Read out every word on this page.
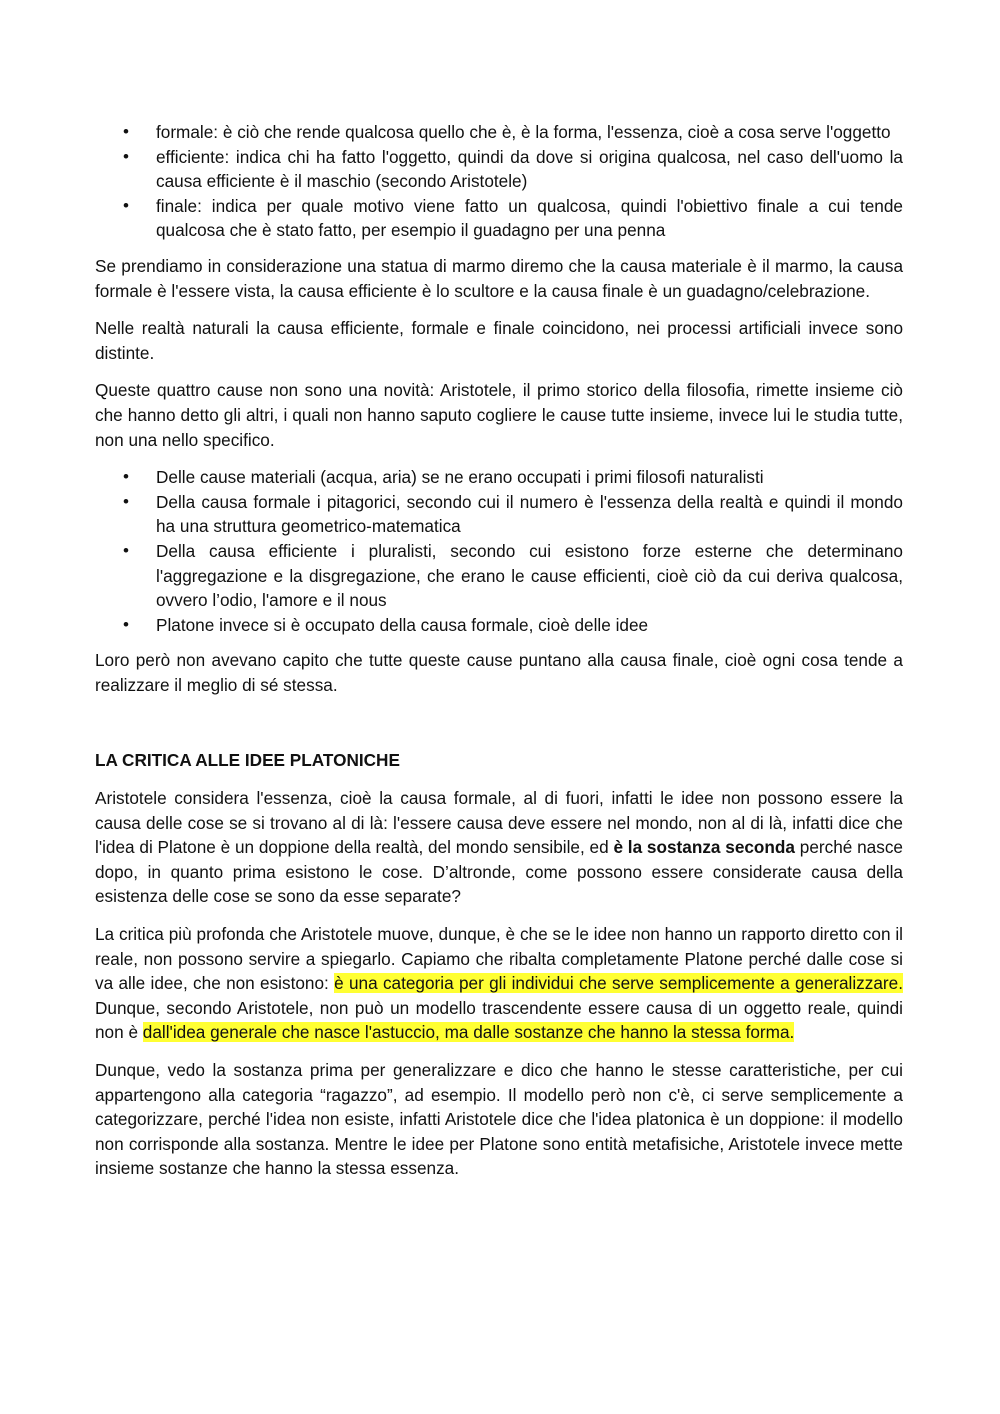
• formale: è ciò che rende qualcosa quello che è, è la forma, l'essenza, cioè a cosa serve l'oggetto
• efficiente: indica chi ha fatto l'oggetto, quindi da dove si origina qualcosa, nel caso dell'uomo la causa efficiente è il maschio (secondo Aristotele)
• finale: indica per quale motivo viene fatto un qualcosa, quindi l'obiettivo finale a cui tende qualcosa che è stato fatto, per esempio il guadagno per una penna

Se prendiamo in considerazione una statua di marmo diremo che la causa materiale è il marmo, la causa formale è l'essere vista, la causa efficiente è lo scultore e la causa finale è un guadagno/celebrazione.

Nelle realtà naturali la causa efficiente, formale e finale coincidono, nei processi artificiali invece sono distinte.

Queste quattro cause non sono una novità: Aristotele, il primo storico della filosofia, rimette insieme ciò che hanno detto gli altri, i quali non hanno saputo cogliere le cause tutte insieme, invece lui le studia tutte, non una nello specifico.

• Delle cause materiali (acqua, aria) se ne erano occupati i primi filosofi naturalisti
• Della causa formale i pitagorici, secondo cui il numero è l'essenza della realtà e quindi il mondo ha una struttura geometrico-matematica
• Della causa efficiente i pluralisti, secondo cui esistono forze esterne che determinano l'aggregazione e la disgregazione, che erano le cause efficienti, cioè ciò da cui deriva qualcosa, ovvero l’odio, l'amore e il nous
• Platone invece si è occupato della causa formale, cioè delle idee

Loro però non avevano capito che tutte queste cause puntano alla causa finale, cioè ogni cosa tende a realizzare il meglio di sé stessa.

LA CRITICA ALLE IDEE PLATONICHE

Aristotele considera l'essenza, cioè la causa formale, al di fuori, infatti le idee non possono essere la causa delle cose se si trovano al di là: l'essere causa deve essere nel mondo, non al di là, infatti dice che l'idea di Platone è un doppione della realtà, del mondo sensibile, ed è la sostanza seconda perché nasce dopo, in quanto prima esistono le cose. D’altronde, come possono essere considerate causa della esistenza delle cose se sono da esse separate?

La critica più profonda che Aristotele muove, dunque, è che se le idee non hanno un rapporto diretto con il reale, non possono servire a spiegarlo. Capiamo che ribalta completamente Platone perché dalle cose si va alle idee, che non esistono: è una categoria per gli individui che serve semplicemente a generalizzare. Dunque, secondo Aristotele, non può un modello trascendente essere causa di un oggetto reale, quindi non è dall'idea generale che nasce l'astuccio, ma dalle sostanze che hanno la stessa forma.

Dunque, vedo la sostanza prima per generalizzare e dico che hanno le stesse caratteristiche, per cui appartengono alla categoria “ragazzo”, ad esempio. Il modello però non c'è, ci serve semplicemente a categorizzare, perché l'idea non esiste, infatti Aristotele dice che l'idea platonica è un doppione: il modello non corrisponde alla sostanza. Mentre le idee per Platone sono entità metafisiche, Aristotele invece mette insieme sostanze che hanno la stessa essenza.
